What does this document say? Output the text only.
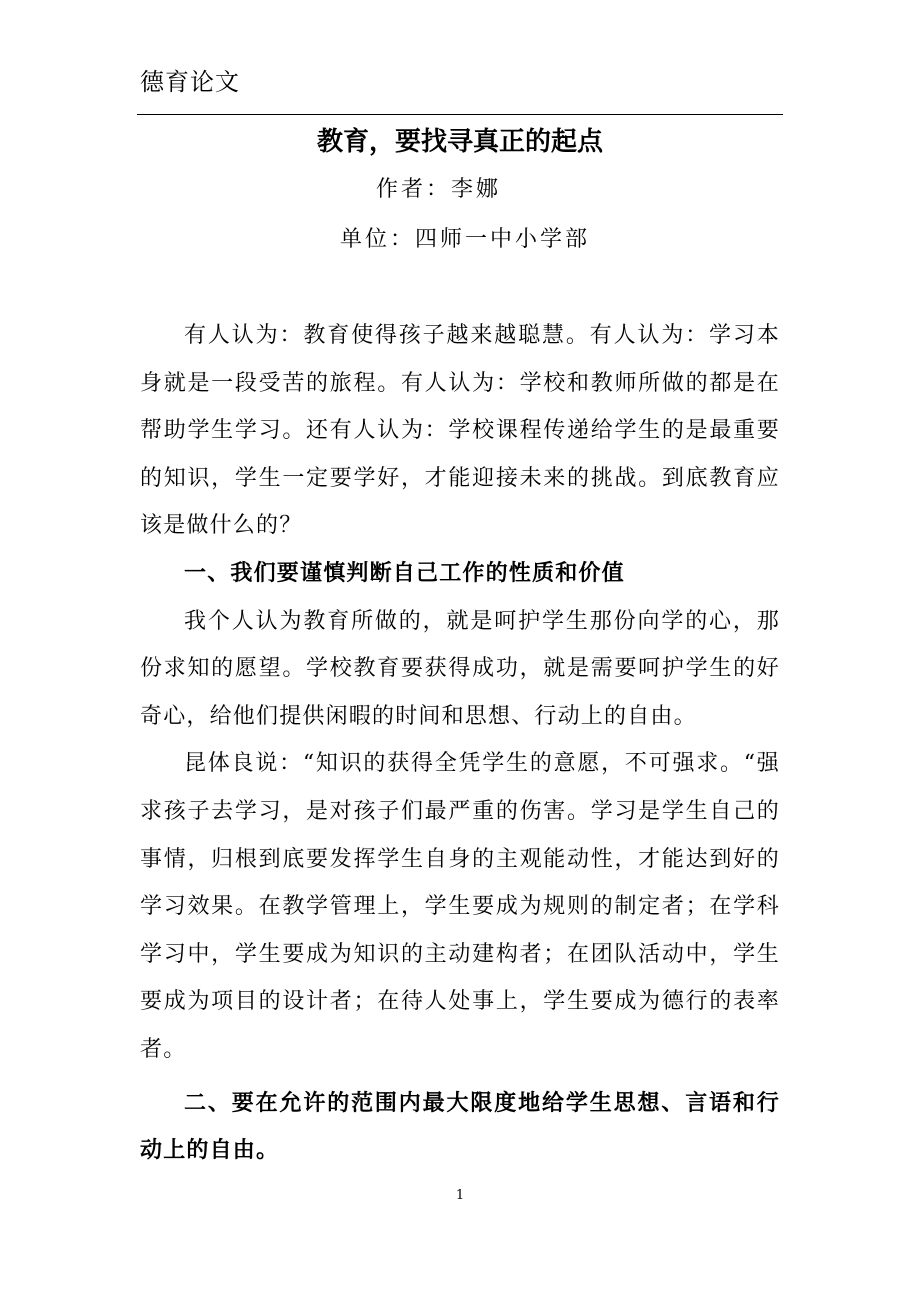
德育论文
教育，要找寻真正的起点
作者：李娜
单位：四师一中小学部

有人认为：教育使得孩子越来越聪慧。有人认为：学习本身就是一段受苦的旅程。有人认为：学校和教师所做的都是在帮助学生学习。还有人认为：学校课程传递给学生的是最重要的知识，学生一定要学好，才能迎接未来的挑战。到底教育应该是做什么的？

一、我们要谨慎判断自己工作的性质和价值

我个人认为教育所做的，就是呵护学生那份向学的心，那份求知的愿望。学校教育要获得成功，就是需要呵护学生的好奇心，给他们提供闲暇的时间和思想、行动上的自由。

昆体良说：“知识的获得全凭学生的意愿，不可强求。“强求孩子去学习，是对孩子们最严重的伤害。学习是学生自己的事情，归根到底要发挥学生自身的主观能动性，才能达到好的学习效果。在教学管理上，学生要成为规则的制定者；在学科学习中，学生要成为知识的主动建构者；在团队活动中，学生要成为项目的设计者；在待人处事上，学生要成为德行的表率者。

二、要在允许的范围内最大限度地给学生思想、言语和行动上的自由。

1
